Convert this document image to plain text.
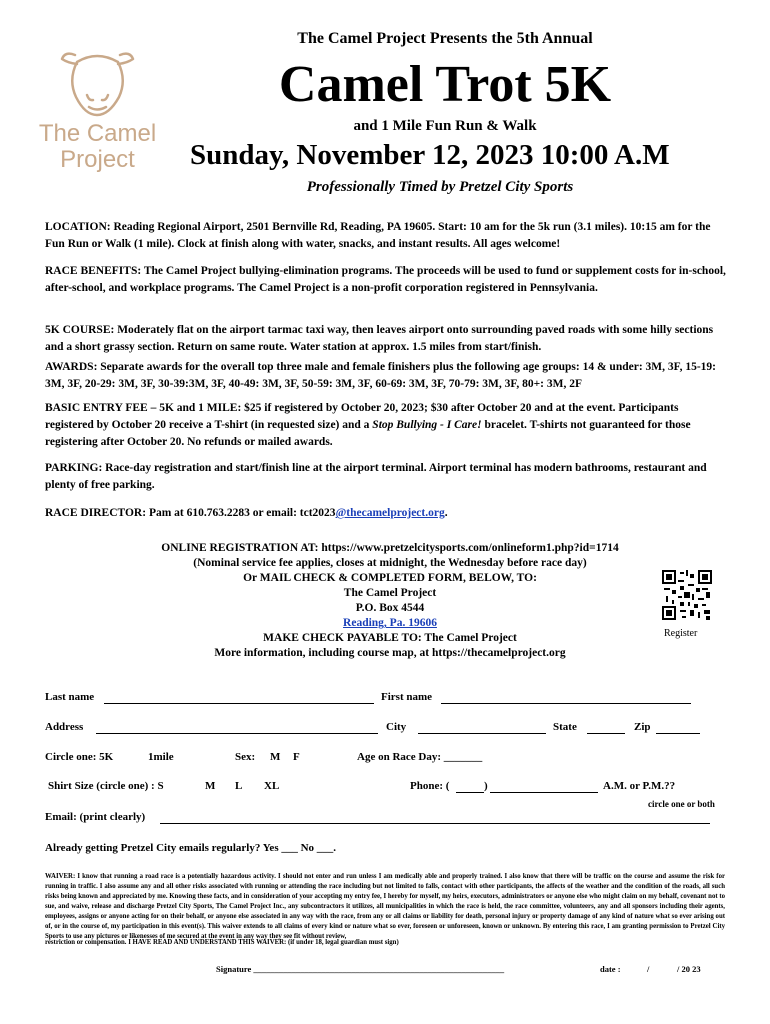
The Camel
Project
The Camel Project Presents the 5th Annual
Camel Trot 5K
and 1 Mile Fun Run & Walk
Sunday, November 12, 2023 10:00 A.M
Professionally Timed by Pretzel City Sports
LOCATION: Reading Regional Airport, 2501 Bernville Rd, Reading, PA 19605. Start: 10 am for the 5k run (3.1 miles). 10:15 am for the Fun Run or Walk (1 mile). Clock at finish along with water, snacks, and instant results. All ages welcome!
RACE BENEFITS: The Camel Project bullying-elimination programs. The proceeds will be used to fund or supplement costs for in-school, after-school, and workplace programs. The Camel Project is a non-profit corporation registered in Pennsylvania.
5K COURSE: Moderately flat on the airport tarmac taxi way, then leaves airport onto surrounding paved roads with some hilly sections and a short grassy section. Return on same route. Water station at approx. 1.5 miles from start/finish.
AWARDS: Separate awards for the overall top three male and female finishers plus the following age groups: 14 & under: 3M, 3F, 15-19: 3M, 3F, 20-29: 3M, 3F, 30-39:3M, 3F, 40-49: 3M, 3F, 50-59: 3M, 3F, 60-69: 3M, 3F, 70-79: 3M, 3F, 80+: 3M, 2F
BASIC ENTRY FEE – 5K and 1 MILE: $25 if registered by October 20, 2023; $30 after October 20 and at the event. Participants registered by October 20 receive a T-shirt (in requested size) and a Stop Bullying - I Care! bracelet. T-shirts not guaranteed for those registering after October 20. No refunds or mailed awards.
PARKING: Race-day registration and start/finish line at the airport terminal. Airport terminal has modern bathrooms, restaurant and plenty of free parking.
RACE DIRECTOR: Pam at 610.763.2283 or email: tct2023@thecamelproject.org.
ONLINE REGISTRATION AT: https://www.pretzelcitysports.com/onlineform1.php?id=1714
(Nominal service fee applies, closes at midnight, the Wednesday before race day)
Or MAIL CHECK & COMPLETED FORM, BELOW, TO:
The Camel Project
P.O. Box 4544
Reading, Pa. 19606
MAKE CHECK PAYABLE TO: The Camel Project
More information, including course map, at https://thecamelproject.org
Register
Last name	First name
Address	City	State	Zip
Circle one: 5K	1mile	Sex: M F	Age on Race Day: _______
Shirt Size (circle one) : S	M L XL	Phone: (	)	A.M. or P.M.??
circle one or both
Email: (print clearly)
Already getting Pretzel City emails regularly? Yes ___ No ___.
WAIVER: I know that running a road race is a potentially hazardous activity. I should not enter and run unless I am medically able and properly trained. I also know that there will be traffic on the course and assume the risk for running in traffic. I also assume any and all other risks associated with running or attending the race including but not limited to falls, contact with other participants, the affects of the weather and the condition of the roads, all such risks being known and appreciated by me. Knowing these facts, and in consideration of your accepting my entry fee, I hereby for myself, my heirs, executors, administrators or anyone else who might claim on my behalf, covenant not to sue, and waive, release and discharge Pretzel City Sports, The Camel Project Inc., any subcontractors it utilizes, all municipalities in which the race is held, the race committee, volunteers, any and all sponsors including their agents, employees, assigns or anyone acting for on their behalf, or anyone else associated in any way with the race, from any or all claims or liability for death, personal injury or property damage of any kind of nature what so ever arising out of, or in the course of, my participation in this event(s). This waiver extends to all claims of every kind or nature what so ever, foreseen or unforeseen, known or unknown. By entering this race, I am granting permission to Pretzel City Sports to use any pictures or likenesses of me secured at the event in any way they see fit without review,
restriction or compensation. I HAVE READ AND UNDERSTAND THIS WAIVER: (if under 18, legal guardian must sign)
Signature ___________________________________________________________	date :	/	/ 20 23
